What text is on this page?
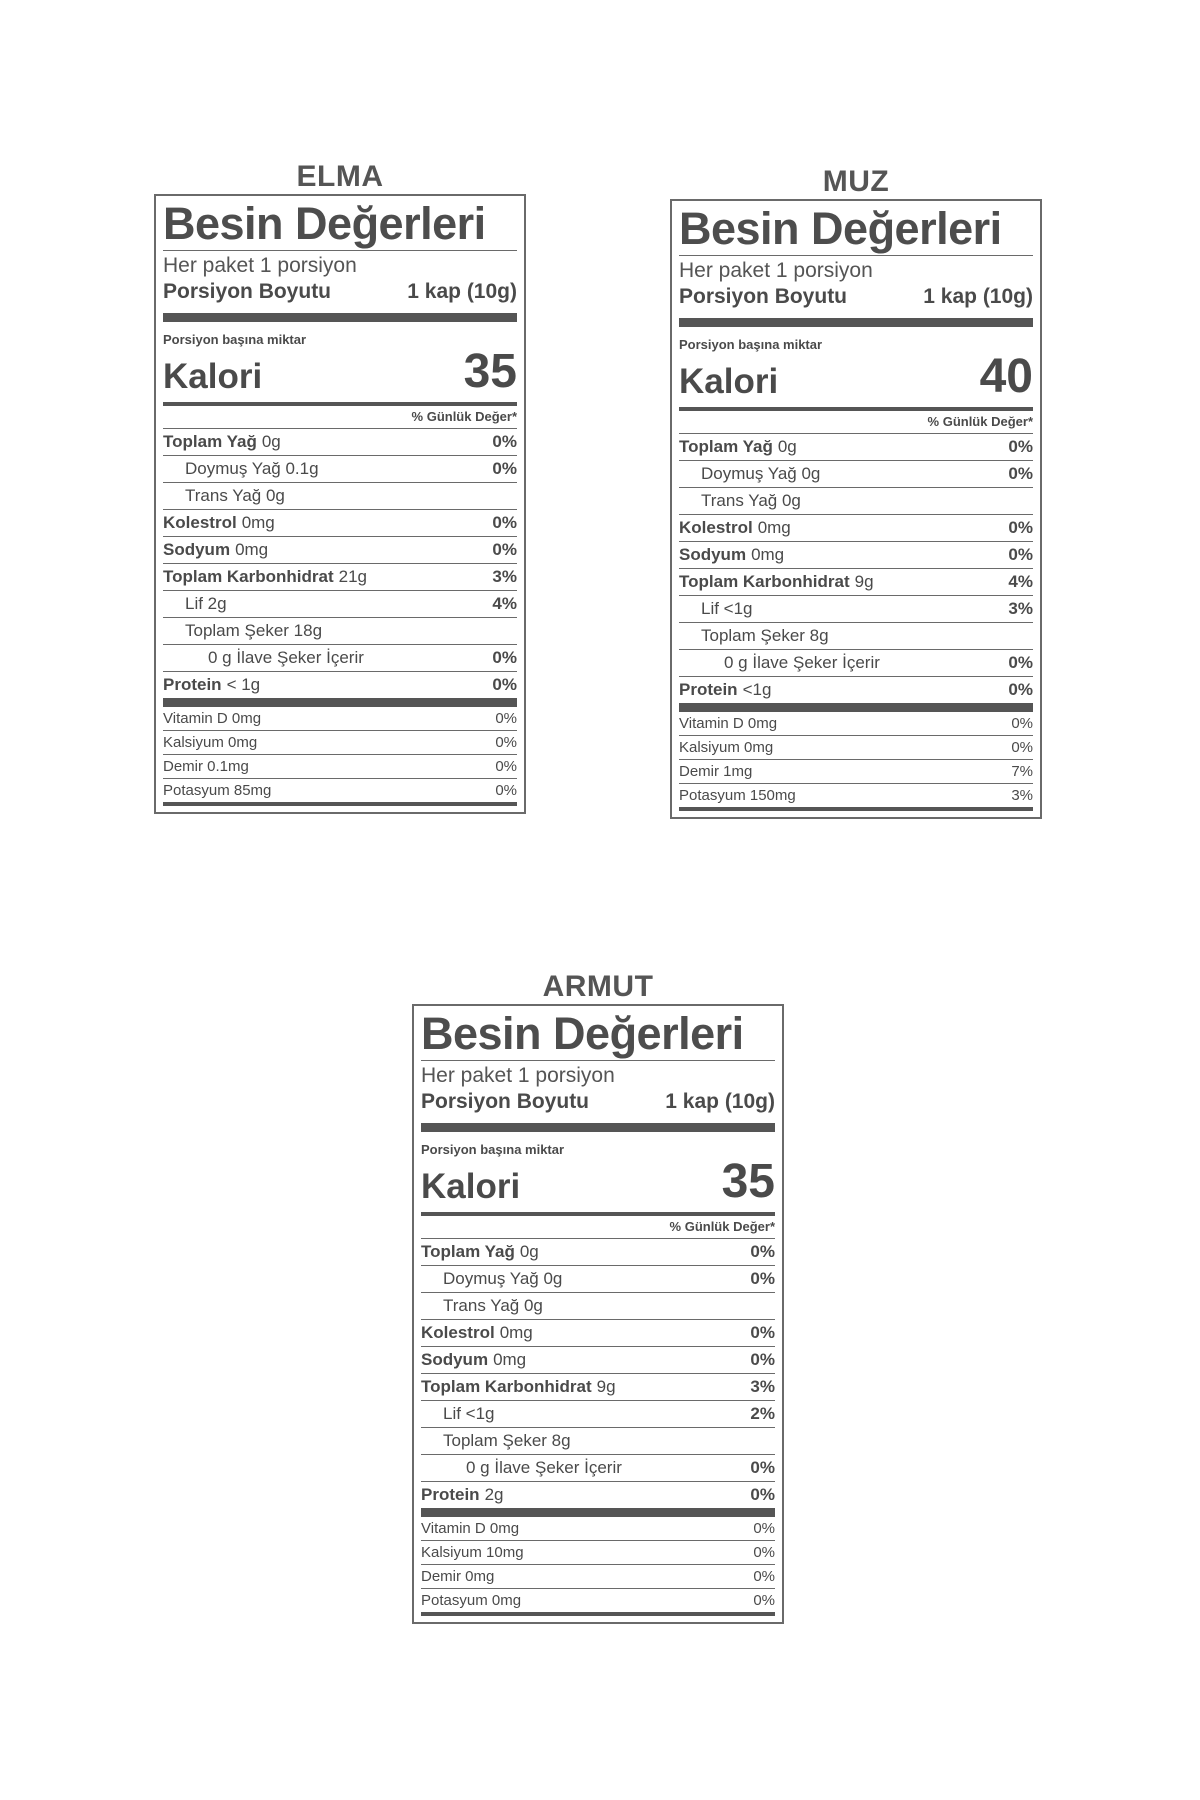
ELMA
Besin Değerleri
Her paket 1 porsiyon
Porsiyon Boyutu	1 kap (10g)
Porsiyon başına miktar
Kalori	35
% Günlük Değer*
Toplam Yağ 0g	0%
Doymuş Yağ 0.1g	0%
Trans Yağ 0g
Kolestrol 0mg	0%
Sodyum 0mg	0%
Toplam Karbonhidrat 21g	3%
Lif 2g	4%
Toplam Şeker 18g
0 g İlave Şeker İçerir	0%
Protein < 1g	0%
Vitamin D 0mg	0%
Kalsiyum 0mg	0%
Demir 0.1mg	0%
Potasyum 85mg	0%
MUZ
Besin Değerleri
Her paket 1 porsiyon
Porsiyon Boyutu	1 kap (10g)
Porsiyon başına miktar
Kalori	40
% Günlük Değer*
Toplam Yağ 0g	0%
Doymuş Yağ 0g	0%
Trans Yağ 0g
Kolestrol 0mg	0%
Sodyum 0mg	0%
Toplam Karbonhidrat 9g	4%
Lif <1g	3%
Toplam Şeker 8g
0 g İlave Şeker İçerir	0%
Protein <1g	0%
Vitamin D 0mg	0%
Kalsiyum 0mg	0%
Demir 1mg	7%
Potasyum 150mg	3%
ARMUT
Besin Değerleri
Her paket 1 porsiyon
Porsiyon Boyutu	1 kap (10g)
Porsiyon başına miktar
Kalori	35
% Günlük Değer*
Toplam Yağ 0g	0%
Doymuş Yağ 0g	0%
Trans Yağ 0g
Kolestrol 0mg	0%
Sodyum 0mg	0%
Toplam Karbonhidrat 9g	3%
Lif <1g	2%
Toplam Şeker 8g
0 g İlave Şeker İçerir	0%
Protein 2g	0%
Vitamin D 0mg	0%
Kalsiyum 10mg	0%
Demir 0mg	0%
Potasyum 0mg	0%
